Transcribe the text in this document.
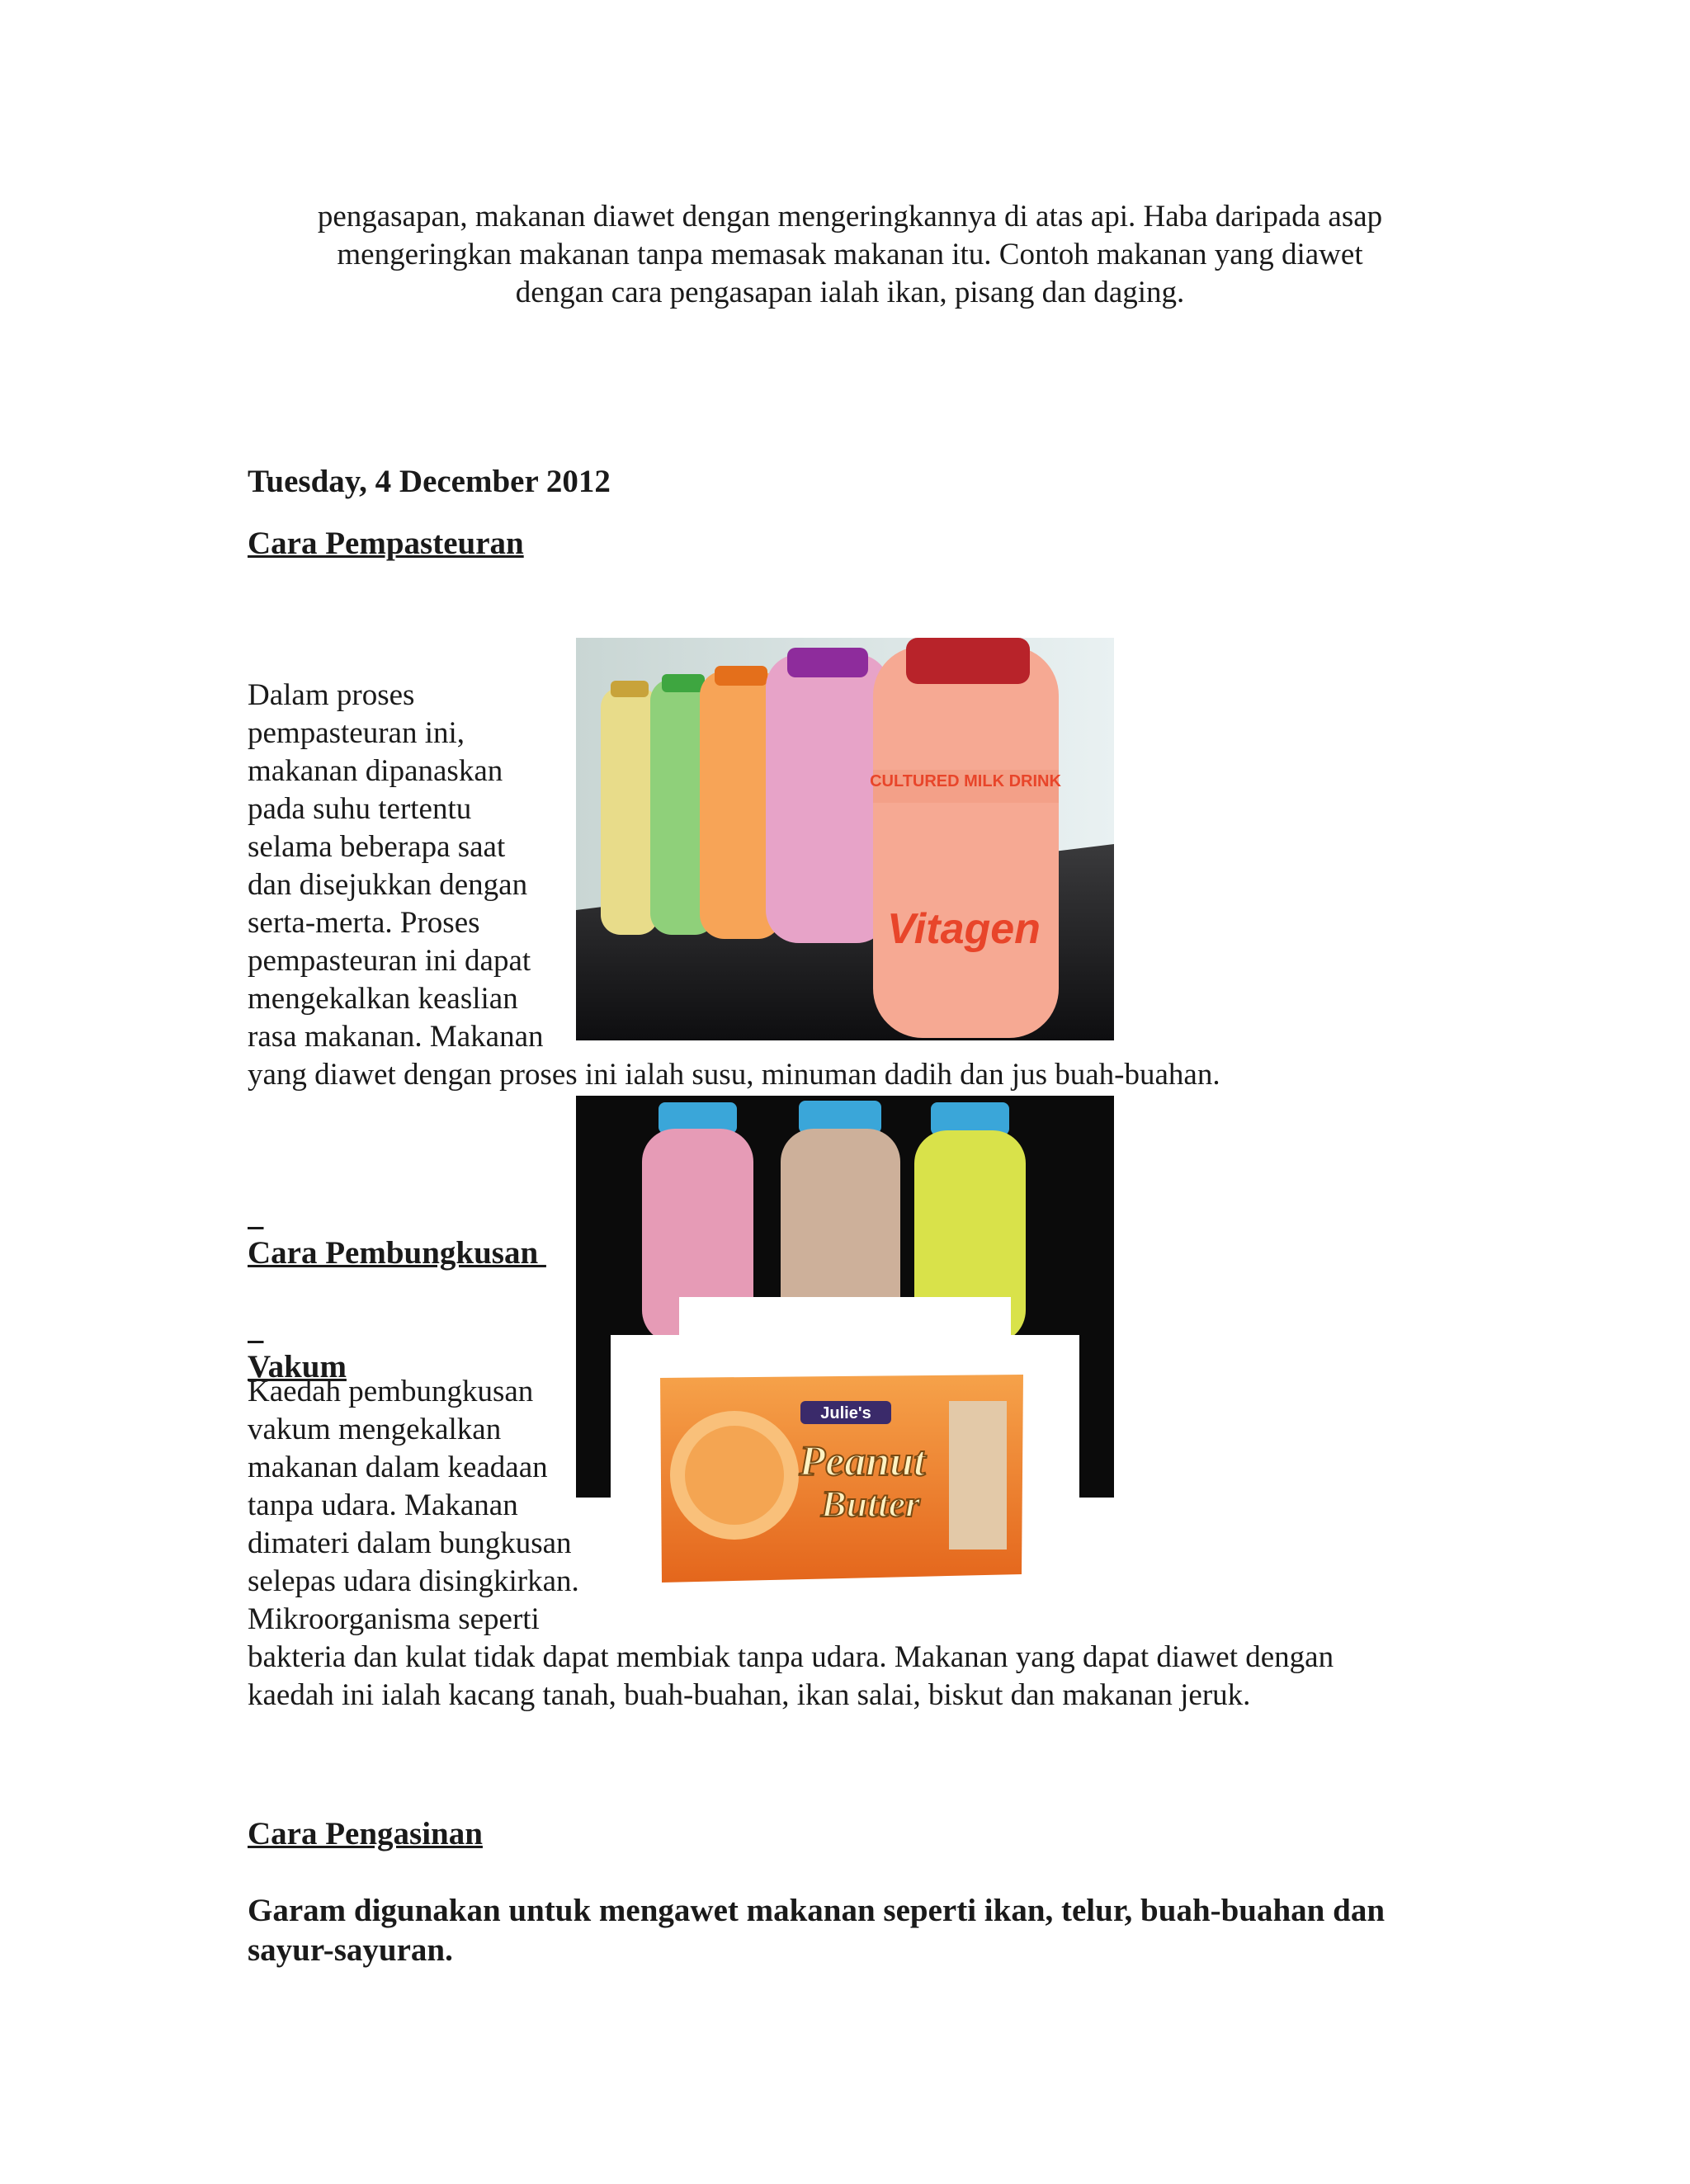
pengasapan, makanan diawet dengan mengeringkannya di atas api. Haba daripada asap
mengeringkan makanan tanpa memasak makanan itu. Contoh makanan yang diawet
dengan cara pengasapan ialah ikan, pisang dan daging.
Tuesday, 4 December 2012
Cara Pempasteuran
Dalam proses
pempasteuran ini,
makanan dipanaskan
pada suhu tertentu
selama beberapa saat
dan disejukkan dengan
serta-merta. Proses
pempasteuran ini dapat
mengekalkan keaslian
rasa makanan. Makanan
yang diawet dengan proses ini ialah susu, minuman dadih dan jus buah-buahan.
CULTURED MILK DRINK
Vitagen
Julie's
Peanut
Butter

Cara Pembungkusan

Vakum

Kaedah pembungkusan
vakum mengekalkan
makanan dalam keadaan
tanpa udara. Makanan
dimateri dalam bungkusan
selepas udara disingkirkan.
Mikroorganisma seperti
bakteria dan kulat tidak dapat membiak tanpa udara. Makanan yang dapat diawet dengan
kaedah ini ialah kacang tanah, buah-buahan, ikan salai, biskut dan makanan jeruk.
Cara Pengasinan
Garam digunakan untuk mengawet makanan seperti ikan, telur, buah-buahan dan
sayur-sayuran.
